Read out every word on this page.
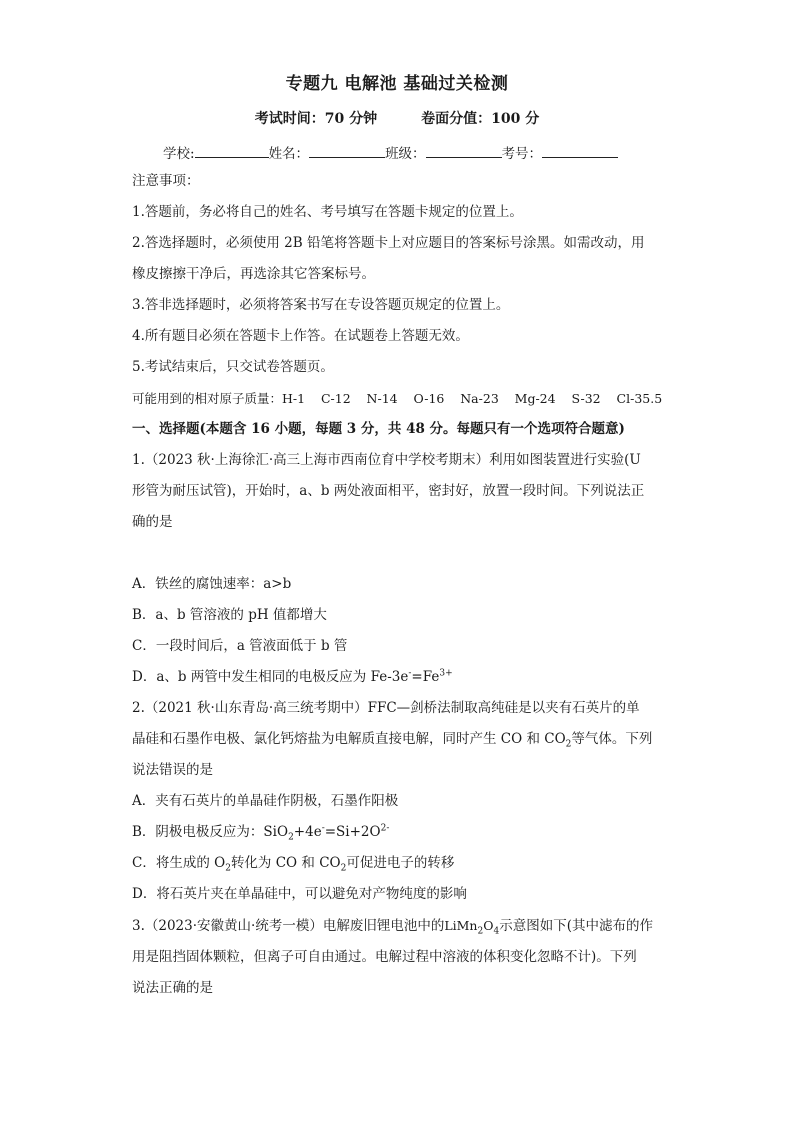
专题九 电解池 基础过关检测
考试时间：70 分钟	卷面分值：100 分
学校:	姓名：	班级：	考号：

注意事项：

1.答题前，务必将自己的姓名、考号填写在答题卡规定的位置上。

2.答选择题时，必须使用 2B 铅笔将答题卡上对应题目的答案标号涂黑。如需改动，用

橡皮擦擦干净后，再选涂其它答案标号。

3.答非选择题时，必须将答案书写在专设答题页规定的位置上。

4.所有题目必须在答题卡上作答。在试题卷上答题无效。

5.考试结束后，只交试卷答题页。

可能用到的相对原子质量：H-1    C-12    N-14    O-16    Na-23    Mg-24    S-32    Cl-35.5

一、选择题(本题含 16 小题，每题 3 分，共 48 分。每题只有一个选项符合题意)

1.（2023 秋·上海徐汇·高三上海市西南位育中学校考期末）利用如图装置进行实验(U

形管为耐压试管)，开始时，a、b 两处液面相平，密封好，放置一段时间。下列说法正

确的是

A．铁丝的腐蚀速率：a>b

B．a、b 管溶液的 pH 值都增大

C．一段时间后，a 管液面低于 b 管

D．a、b 两管中发生相同的电极反应为 $Fe-3e^-=Fe^{3+}$

2.（2021 秋·山东青岛·高三统考期中）FFC—剑桥法制取高纯硅是以夹有石英片的单

晶硅和石墨作电极、氯化钙熔盐为电解质直接电解，同时产生 CO 和 $CO_2$等气体。下列

说法错误的是

A．夹有石英片的单晶硅作阴极，石墨作阳极

B．阴极电极反应为：$SiO_2+4e^-=Si+2O^{2-}$

C．将生成的 $O_2$转化为 CO 和 $CO_2$可促进电子的转移

D．将石英片夹在单晶硅中，可以避免对产物纯度的影响

3.（2023·安徽黄山·统考一模）电解废旧锂电池中的$LiMn_2O_4$示意图如下(其中滤布的作

用是阻挡固体颗粒，但离子可自由通过。电解过程中溶液的体积变化忽略不计)。下列

说法正确的是
